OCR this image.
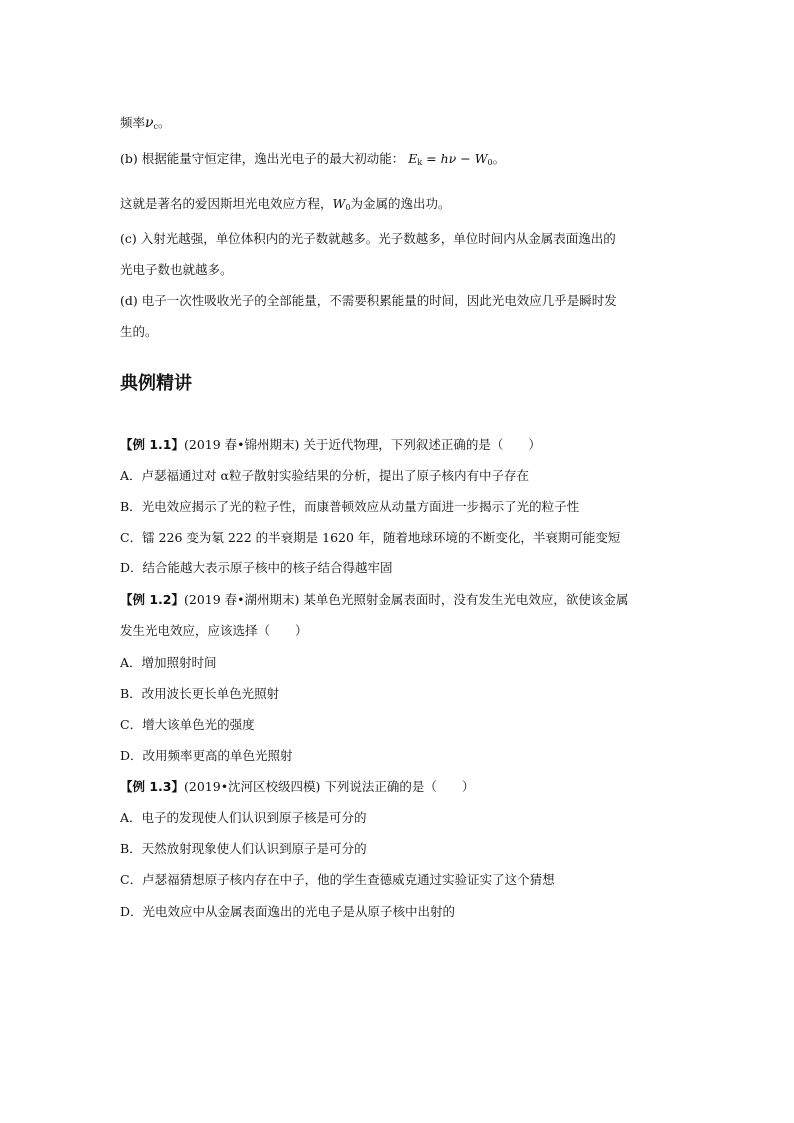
频率$\nu_c$。
(b) 根据能量守恒定律，逸出光电子的最大初动能： $E_k = h\nu - W_0$。
这就是著名的爱因斯坦光电效应方程，$W_0$为金属的逸出功。
(c) 入射光越强，单位体积内的光子数就越多。光子数越多，单位时间内从金属表面逸出的
光电子数也就越多。
(d) 电子一次性吸收光子的全部能量，不需要积累能量的时间，因此光电效应几乎是瞬时发
生的。
典例精讲
【例 1.1】(2019 春•锦州期末) 关于近代物理，下列叙述正确的是（　　）
A．卢瑟福通过对 α粒子散射实验结果的分析，提出了原子核内有中子存在
B．光电效应揭示了光的粒子性，而康普顿效应从动量方面进一步揭示了光的粒子性
C．镭 226 变为氡 222 的半衰期是 1620 年，随着地球环境的不断变化，半衰期可能变短
D．结合能越大表示原子核中的核子结合得越牢固
【例 1.2】(2019 春•湖州期末) 某单色光照射金属表面时，没有发生光电效应，欲使该金属
发生光电效应，应该选择（　　）
A．增加照射时间
B．改用波长更长单色光照射
C．增大该单色光的强度
D．改用频率更高的单色光照射
【例 1.3】(2019•沈河区校级四模) 下列说法正确的是（　　）
A．电子的发现使人们认识到原子核是可分的
B．天然放射现象使人们认识到原子是可分的
C．卢瑟福猜想原子核内存在中子，他的学生查德威克通过实验证实了这个猜想
D．光电效应中从金属表面逸出的光电子是从原子核中出射的
